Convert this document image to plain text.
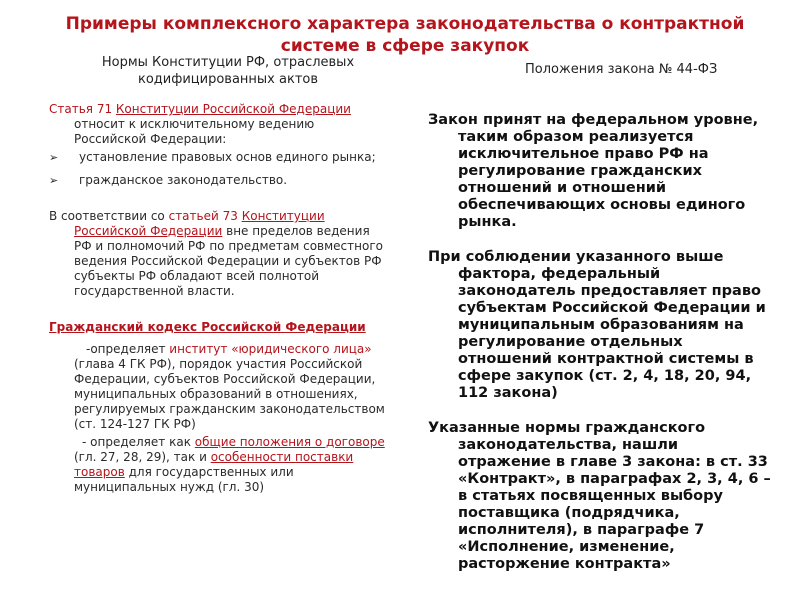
Примеры комплексного характера законодательства о контрактной системе в сфере закупок
Нормы Конституции РФ, отраслевых кодифицированных актов
Положения закона № 44-ФЗ

Статья 71 Конституции Российской Федерации относит к исключительному ведению Российской Федерации:

➢ установление правовых основ единого рынка;
➢ гражданское законодательство.

В соответствии со статьей 73 Конституции Российской Федерации вне пределов ведения РФ и полномочий РФ по предметам совместного ведения Российской Федерации и субъектов РФ субъекты РФ обладают всей полнотой государственной власти.

Гражданский кодекс Российской Федерации

-определяет институт «юридического лица» (глава 4 ГК РФ), порядок участия Российской Федерации, субъектов Российской Федерации, муниципальных образований в отношениях, регулируемых гражданским законодательством (ст. 124-127 ГК РФ)

- определяет как общие положения о договоре (гл. 27, 28, 29), так и особенности поставки товаров для государственных или муниципальных нужд (гл. 30)

Закон принят на федеральном уровне, таким образом реализуется исключительное право РФ на регулирование гражданских отношений и отношений обеспечивающих основы единого рынка.

При соблюдении указанного выше фактора, федеральный законодатель предоставляет право субъектам Российской Федерации и муниципальным образованиям на регулирование отдельных отношений контрактной системы в сфере закупок (ст. 2, 4, 18, 20, 94, 112 закона)

Указанные нормы гражданского законодательства, нашли отражение в главе 3 закона: в ст. 33 «Контракт», в параграфах 2, 3, 4, 6 – в статьях посвященных выбору поставщика (подрядчика, исполнителя), в параграфе 7 «Исполнение, изменение, расторжение контракта»
